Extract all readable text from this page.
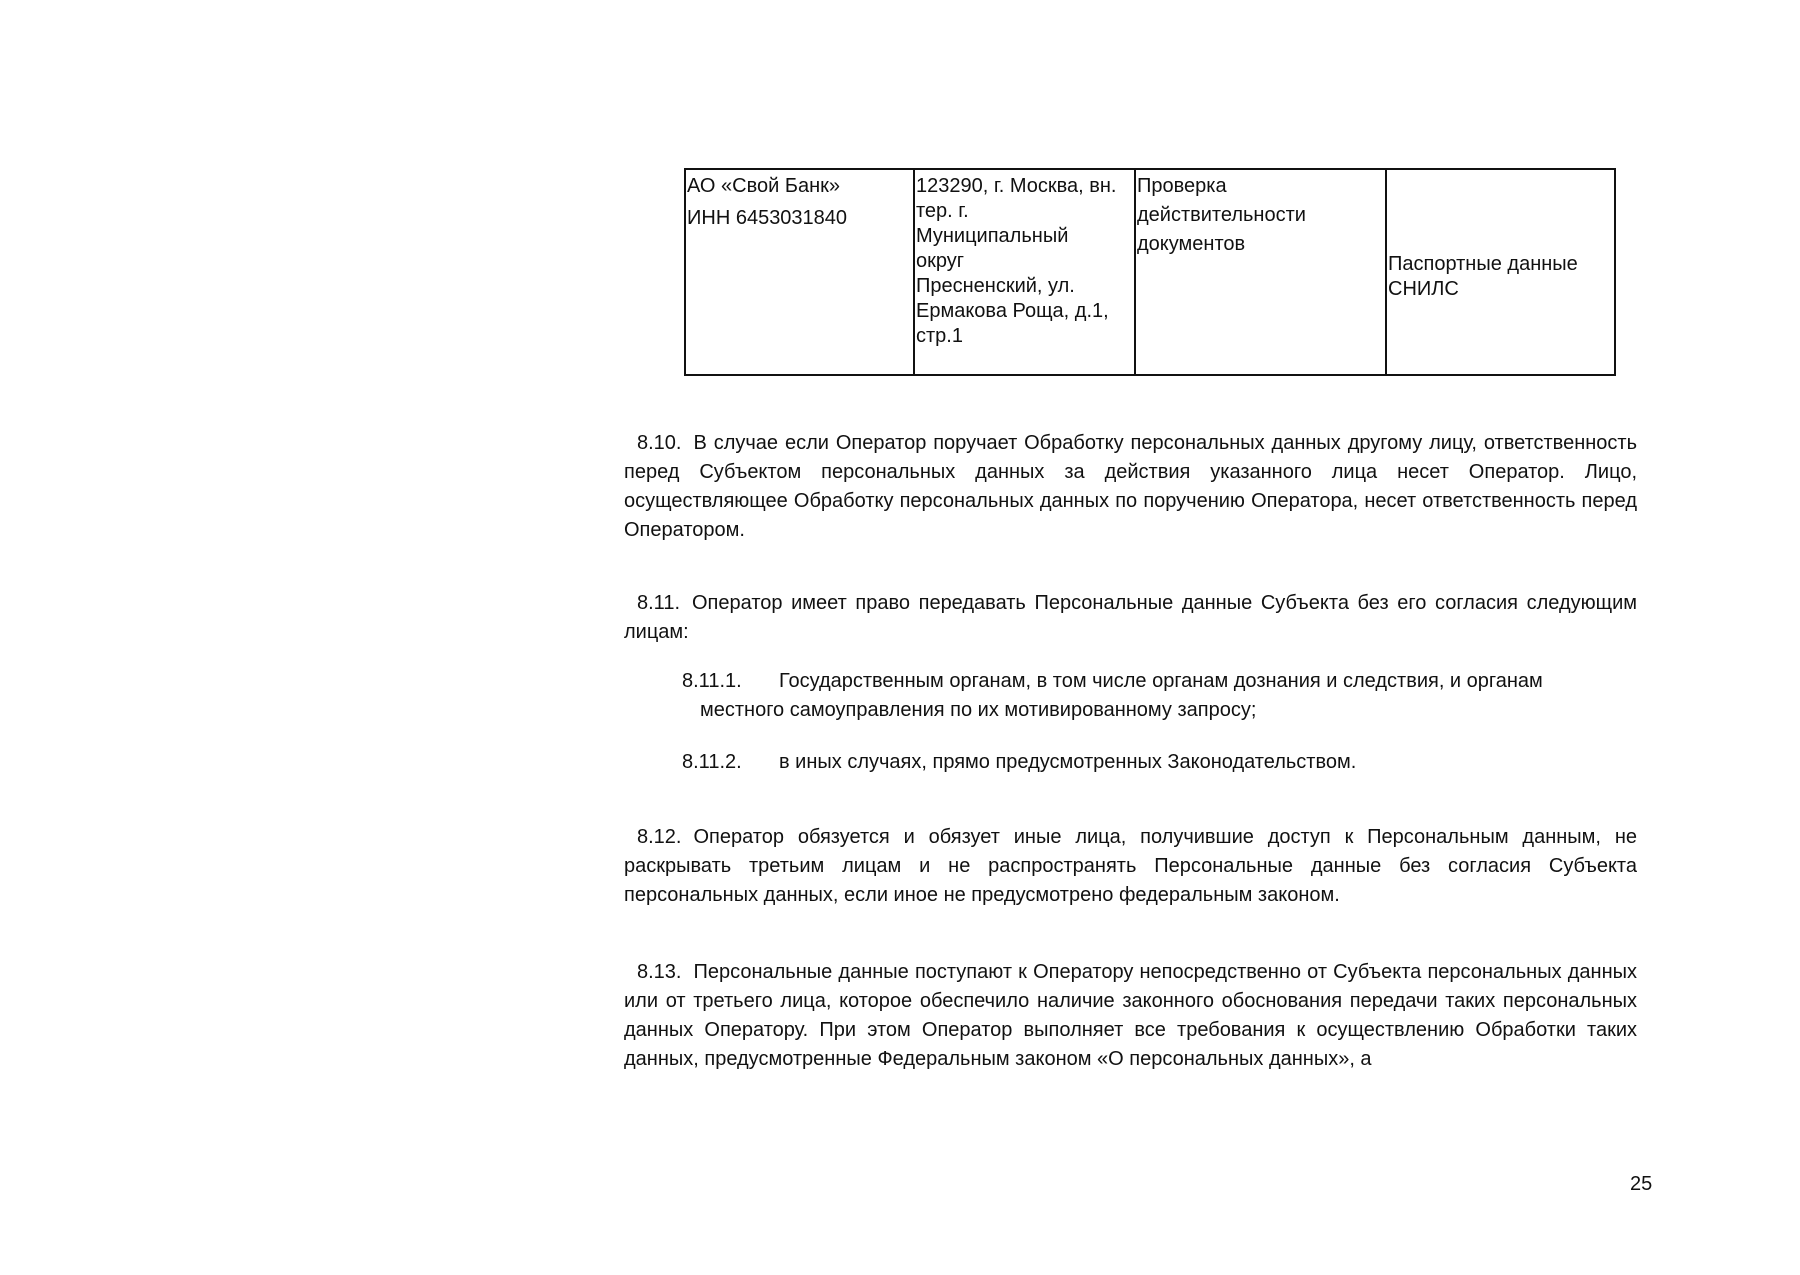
АО «Свой Банк»
ИНН 6453031840
123290, г. Москва, вн.
тер. г.
Муниципальный
округ
Пресненский, ул.
Ермакова Роща, д.1,
стр.1
Проверка
действительности
документов
Паспортные данные
СНИЛС
8.10. В случае если Оператор поручает Обработку персональных данных другому лицу, ответственность перед Субъектом персональных данных за действия указанного лица несет Оператор. Лицо, осуществляющее Обработку персональных данных по поручению Оператора, несет ответственность перед Оператором.
8.11. Оператор имеет право передавать Персональные данные Субъекта без его согласия следующим лицам:
8.11.1. Государственным органам, в том числе органам дознания и следствия, и органам
местного самоуправления по их мотивированному запросу;
8.11.2. в иных случаях, прямо предусмотренных Законодательством.
8.12. Оператор обязуется и обязует иные лица, получившие доступ к Персональным данным, не раскрывать третьим лицам и не распространять Персональные данные без согласия Субъекта персональных данных, если иное не предусмотрено федеральным законом.
8.13. Персональные данные поступают к Оператору непосредственно от Субъекта персональных данных или от третьего лица, которое обеспечило наличие законного обоснования передачи таких персональных данных Оператору. При этом Оператор выполняет все требования к осуществлению Обработки таких данных, предусмотренные Федеральным законом «О персональных данных», а
25
